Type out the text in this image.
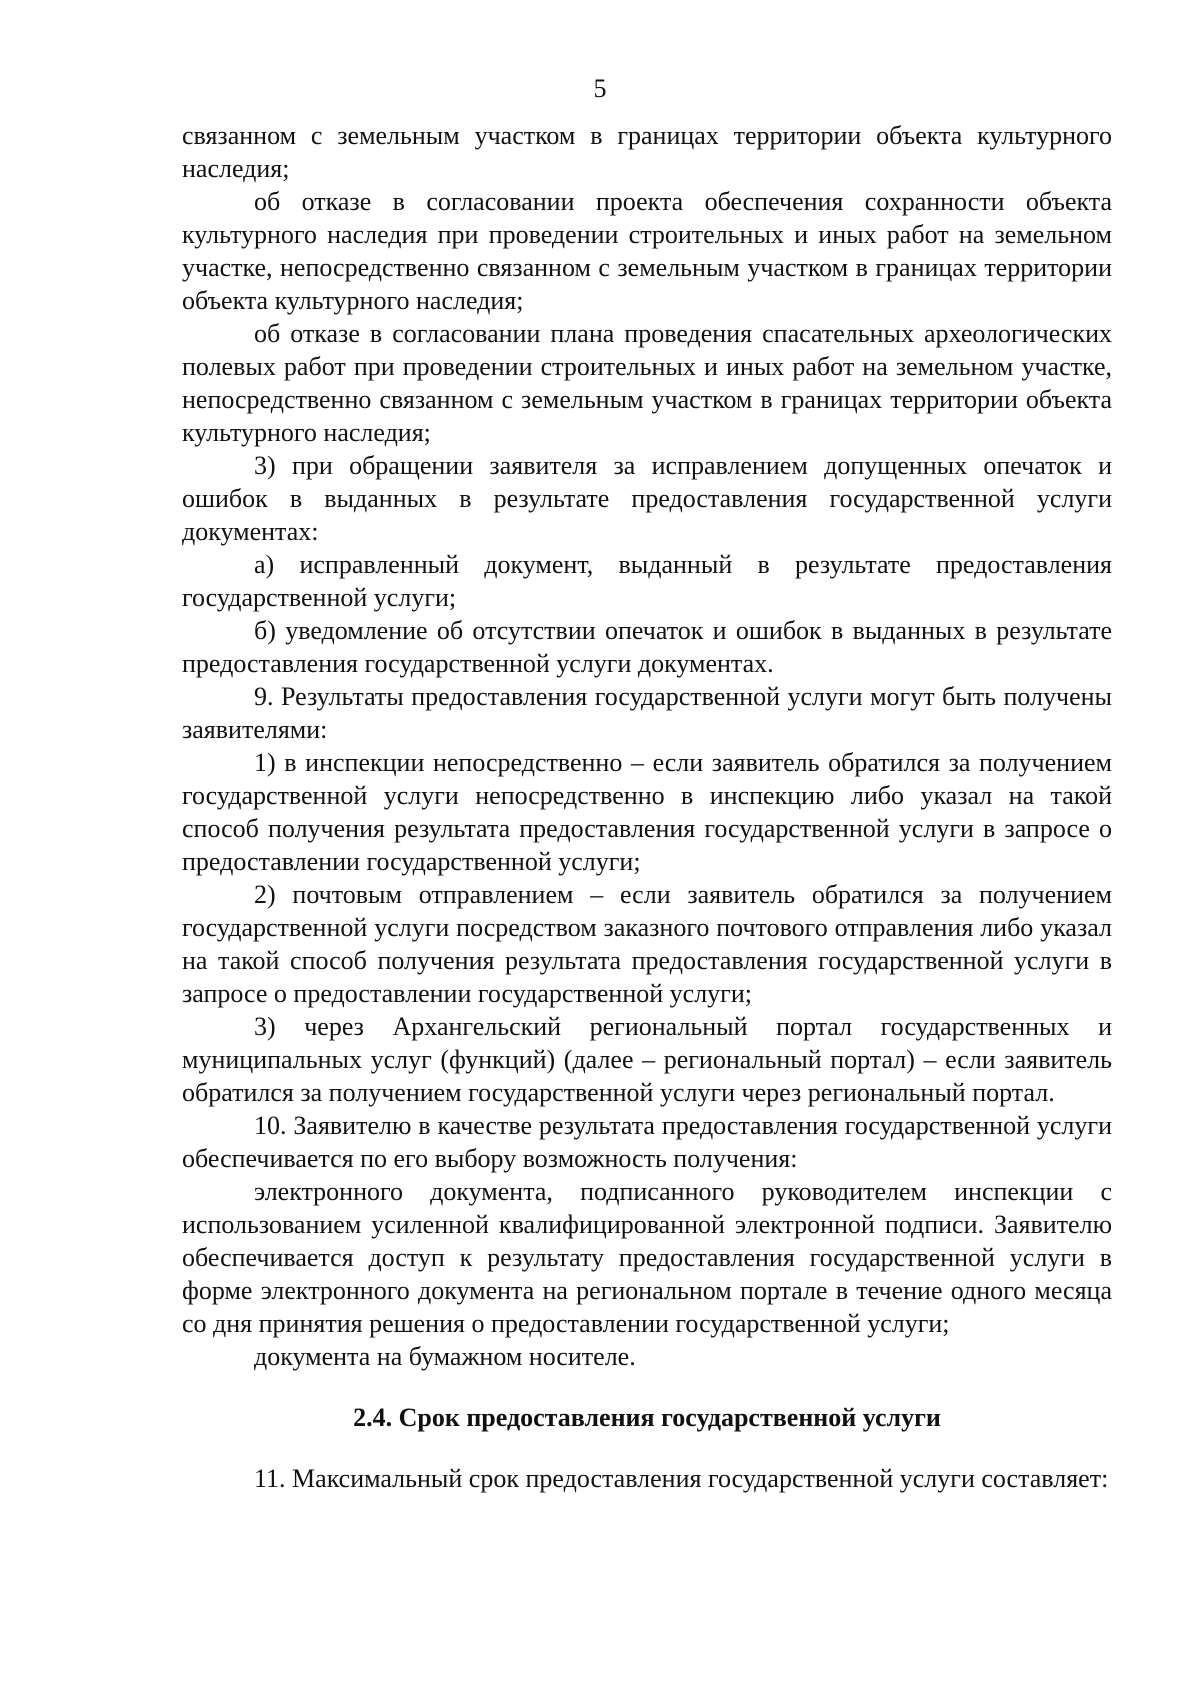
5

связанном с земельным участком в границах территории объекта культурного наследия;

об отказе в согласовании проекта обеспечения сохранности объекта культурного наследия при проведении строительных и иных работ на земельном участке, непосредственно связанном с земельным участком в границах территории объекта культурного наследия;

об отказе в согласовании плана проведения спасательных археологических полевых работ при проведении строительных и иных работ на земельном участке, непосредственно связанном с земельным участком в границах территории объекта культурного наследия;

3) при обращении заявителя за исправлением допущенных опечаток и ошибок в выданных в результате предоставления государственной услуги документах:

а) исправленный документ, выданный в результате предоставления государственной услуги;

б) уведомление об отсутствии опечаток и ошибок в выданных в результате предоставления государственной услуги документах.

9. Результаты предоставления государственной услуги могут быть получены заявителями:

1) в инспекции непосредственно – если заявитель обратился за получением государственной услуги непосредственно в инспекцию либо указал на такой способ получения результата предоставления государственной услуги в запросе о предоставлении государственной услуги;

2) почтовым отправлением – если заявитель обратился за получением государственной услуги посредством заказного почтового отправления либо указал на такой способ получения результата предоставления государственной услуги в запросе о предоставлении государственной услуги;

3) через Архангельский региональный портал государственных и муниципальных услуг (функций) (далее – региональный портал) – если заявитель обратился за получением государственной услуги через региональный портал.

10. Заявителю в качестве результата предоставления государственной услуги обеспечивается по его выбору возможность получения:

электронного документа, подписанного руководителем инспекции с использованием усиленной квалифицированной электронной подписи. Заявителю обеспечивается доступ к результату предоставления государственной услуги в форме электронного документа на региональном портале в течение одного месяца со дня принятия решения о предоставлении государственной услуги;

документа на бумажном носителе.

2.4. Срок предоставления государственной услуги

11. Максимальный срок предоставления государственной услуги составляет:
